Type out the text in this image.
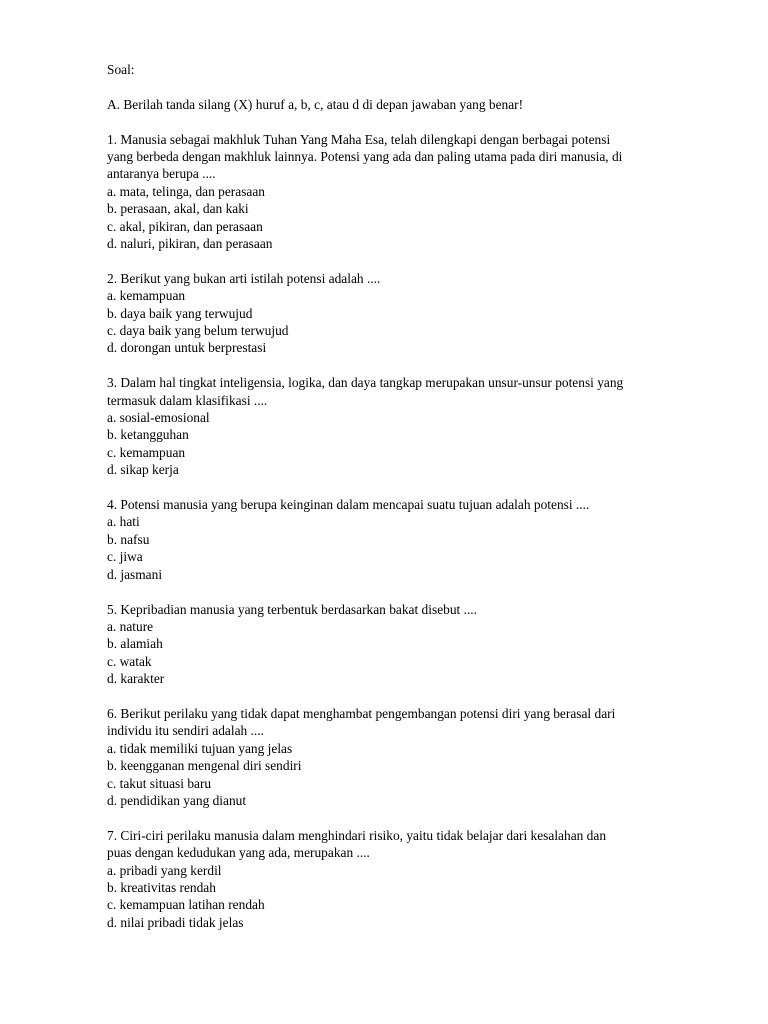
Soal:
A. Berilah tanda silang (X) huruf a, b, c, atau d di depan jawaban yang benar!
1. Manusia sebagai makhluk Tuhan Yang Maha Esa, telah dilengkapi dengan berbagai potensi
yang berbeda dengan makhluk lainnya. Potensi yang ada dan paling utama pada diri manusia, di
antaranya berupa ....
a. mata, telinga, dan perasaan
b. perasaan, akal, dan kaki
c. akal, pikiran, dan perasaan
d. naluri, pikiran, dan perasaan
2. Berikut yang bukan arti istilah potensi adalah ....
a. kemampuan
b. daya baik yang terwujud
c. daya baik yang belum terwujud
d. dorongan untuk berprestasi
3. Dalam hal tingkat inteligensia, logika, dan daya tangkap merupakan unsur-unsur potensi yang
termasuk dalam klasifikasi ....
a. sosial-emosional
b. ketangguhan
c. kemampuan
d. sikap kerja
4. Potensi manusia yang berupa keinginan dalam mencapai suatu tujuan adalah potensi ....
a. hati
b. nafsu
c. jiwa
d. jasmani
5. Kepribadian manusia yang terbentuk berdasarkan bakat disebut ....
a. nature
b. alamiah
c. watak
d. karakter
6. Berikut perilaku yang tidak dapat menghambat pengembangan potensi diri yang berasal dari
individu itu sendiri adalah ....
a. tidak memiliki tujuan yang jelas
b. keengganan mengenal diri sendiri
c. takut situasi baru
d. pendidikan yang dianut
7. Ciri-ciri perilaku manusia dalam menghindari risiko, yaitu tidak belajar dari kesalahan dan
puas dengan kedudukan yang ada, merupakan ....
a. pribadi yang kerdil
b. kreativitas rendah
c. kemampuan latihan rendah
d. nilai pribadi tidak jelas
